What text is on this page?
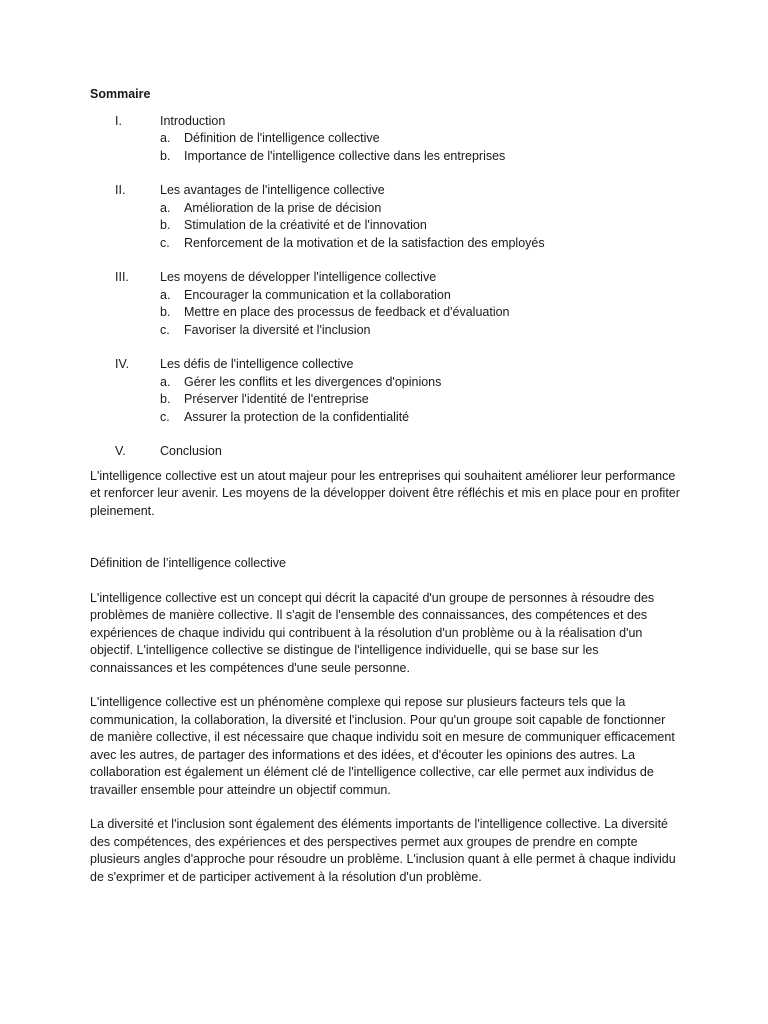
Sommaire
I.	Introduction
a.	Définition de l'intelligence collective
b.	Importance de l'intelligence collective dans les entreprises
II.	Les avantages de l'intelligence collective
a.	Amélioration de la prise de décision
b.	Stimulation de la créativité et de l'innovation
c.	Renforcement de la motivation et de la satisfaction des employés
III.	Les moyens de développer l'intelligence collective
a.	Encourager la communication et la collaboration
b.	Mettre en place des processus de feedback et d'évaluation
c.	Favoriser la diversité et l'inclusion
IV.	Les défis de l'intelligence collective
a.	Gérer les conflits et les divergences d'opinions
b.	Préserver l'identité de l'entreprise
c.	Assurer la protection de la confidentialité
V.	Conclusion

L'intelligence collective est un atout majeur pour les entreprises qui souhaitent améliorer leur performance et renforcer leur avenir. Les moyens de la développer doivent être réfléchis et mis en place pour en profiter pleinement.

Définition de l’intelligence collective

L'intelligence collective est un concept qui décrit la capacité d'un groupe de personnes à résoudre des problèmes de manière collective. Il s'agit de l'ensemble des connaissances, des compétences et des expériences de chaque individu qui contribuent à la résolution d'un problème ou à la réalisation d'un objectif. L'intelligence collective se distingue de l'intelligence individuelle, qui se base sur les connaissances et les compétences d'une seule personne.

L'intelligence collective est un phénomène complexe qui repose sur plusieurs facteurs tels que la communication, la collaboration, la diversité et l'inclusion. Pour qu'un groupe soit capable de fonctionner de manière collective, il est nécessaire que chaque individu soit en mesure de communiquer efficacement avec les autres, de partager des informations et des idées, et d'écouter les opinions des autres. La collaboration est également un élément clé de l'intelligence collective, car elle permet aux individus de travailler ensemble pour atteindre un objectif commun.

La diversité et l'inclusion sont également des éléments importants de l'intelligence collective. La diversité des compétences, des expériences et des perspectives permet aux groupes de prendre en compte plusieurs angles d'approche pour résoudre un problème. L'inclusion quant à elle permet à chaque individu de s'exprimer et de participer activement à la résolution d'un problème.
